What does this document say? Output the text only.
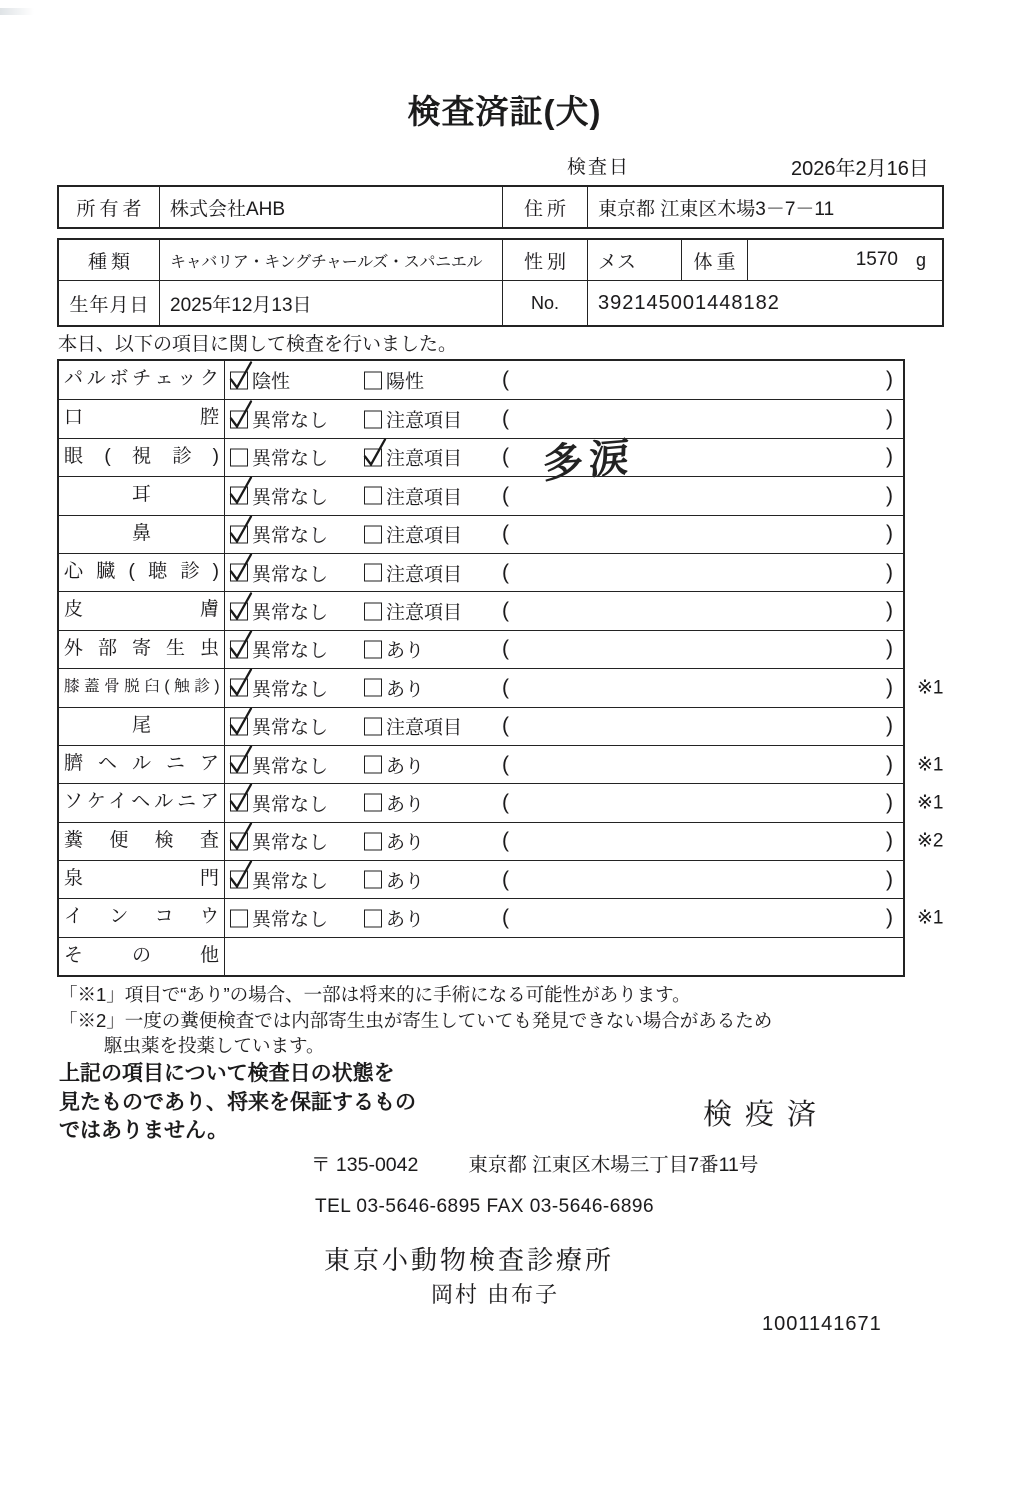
検査済証(犬)
検査日	2026年2月16日
所有者	株式会社AHB	住所	東京都 江東区木場3－7－11
種類	キャバリア・キングチャールズ・スパニエル	性別	メス	体重	1570 g
生年月日	2025年12月13日	No.	392145001448182
本日、以下の項目に関して検査を行いました。
パルボチェック	陰性	陽性	(	)
口腔	異常なし	注意項目 (	)
眼(視診)	異常なし	注意項目 ( 多涙	)
耳	異常なし	注意項目 (	)
鼻	異常なし	注意項目 (	)
心臓(聴診)	異常なし	注意項目 (	)
皮膚	異常なし	注意項目 (	)
外部寄生虫	異常なし	あり	(	)
膝蓋骨脱臼(触診)	異常なし	あり	(	) ※1
尾	異常なし	注意項目 (	)
臍ヘルニア	異常なし	あり	(	) ※1
ソケイヘルニア	異常なし	あり	(	) ※1
糞便検査	異常なし	あり	(	) ※2
泉門	異常なし	あり	(	)
インコウ	異常なし	あり	(	) ※1
その他
「※1」項目で“あり”の場合、一部は将来的に手術になる可能性があります。
「※2」一度の糞便検査では内部寄生虫が寄生していても発見できない場合があるため
駆虫薬を投薬しています。
上記の項目について検査日の状態を
見たものであり、将来を保証するもの
ではありません。	検疫済
〒 135-0042	東京都 江東区木場三丁目7番11号
TEL 03-5646-6895 FAX 03-5646-6896
東京小動物検査診療所
岡村 由布子
1001141671
